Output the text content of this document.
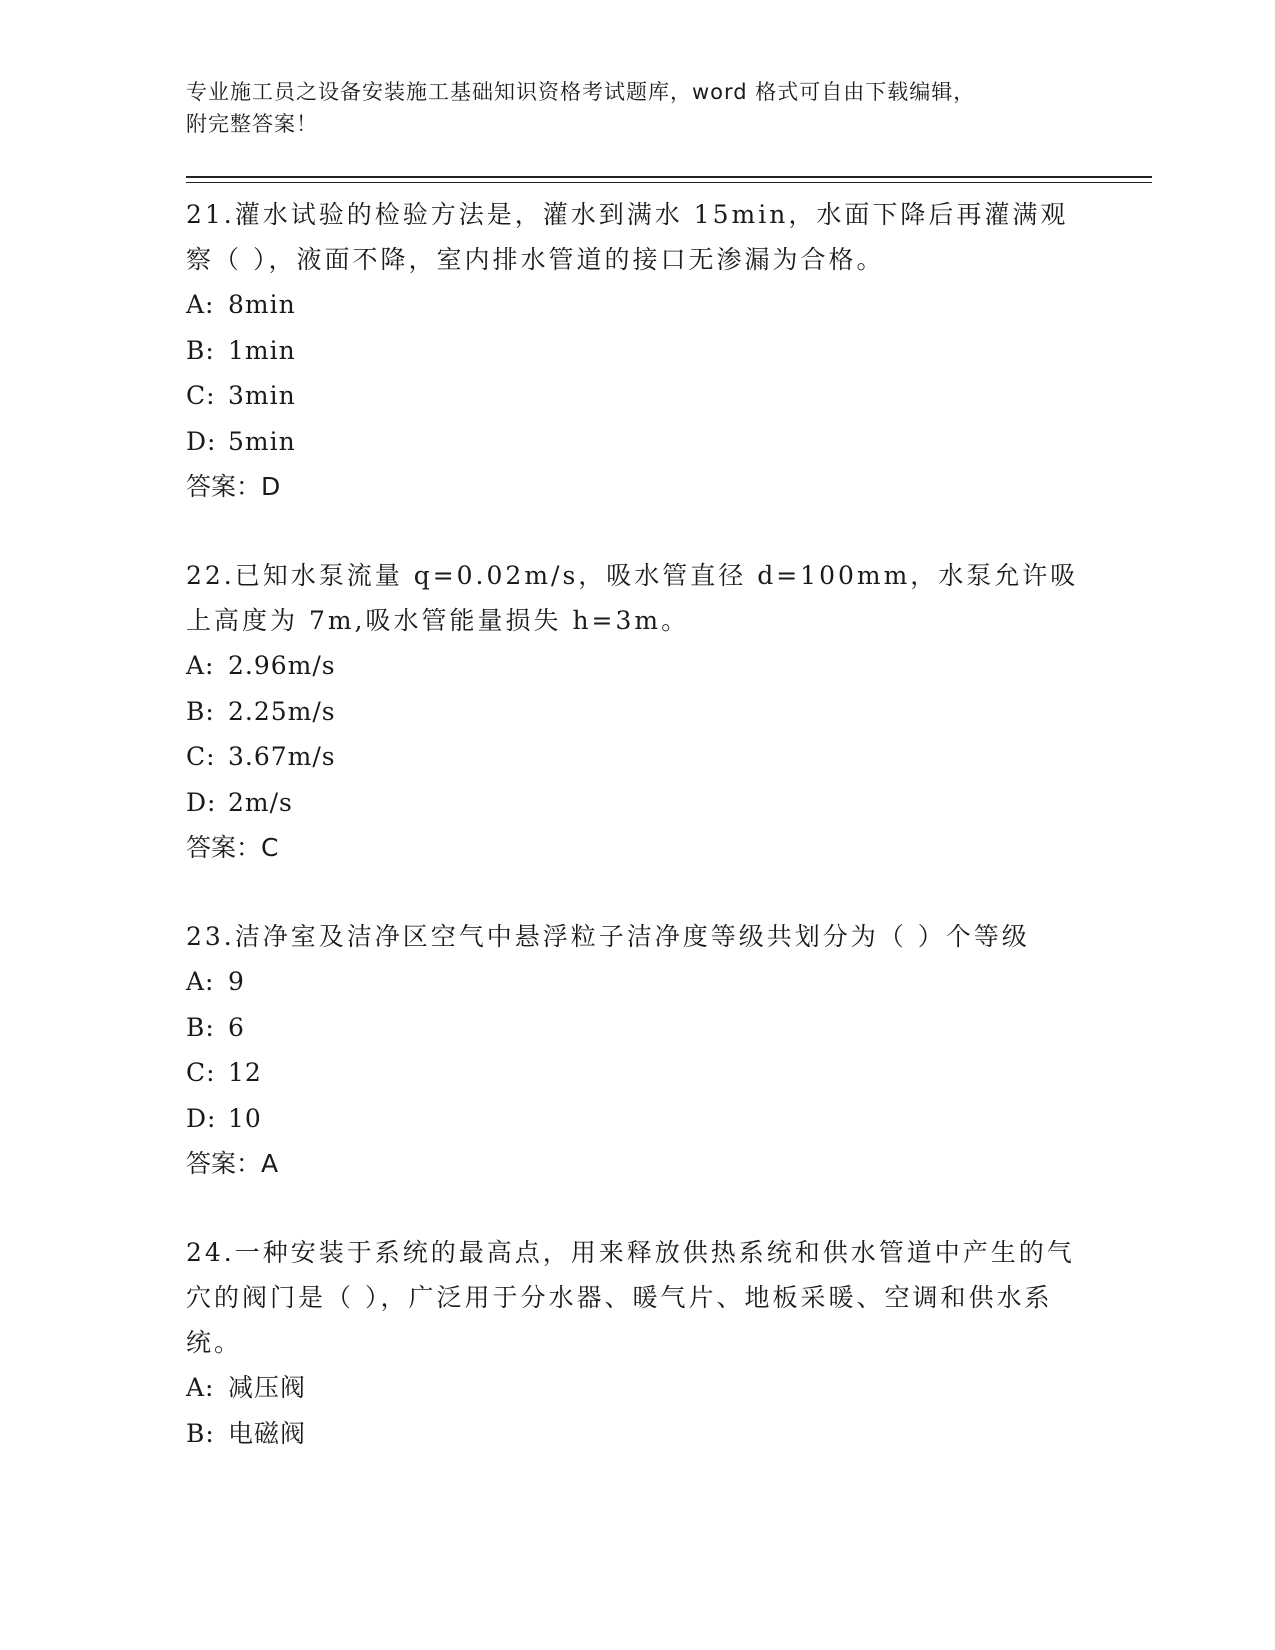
专业施工员之设备安装施工基础知识资格考试题库，word 格式可自由下载编辑，
附完整答案！
21.灌水试验的检验方法是，灌水到满水 15min，水面下降后再灌满观察（ ），液面不降，室内排水管道的接口无渗漏为合格。
A: 8min
B: 1min
C: 3min
D: 5min
答案：D
22.已知水泵流量 q=0.02m/s，吸水管直径 d=100mm，水泵允许吸上高度为 7m,吸水管能量损失 h=3m。
A: 2.96m/s
B: 2.25m/s
C: 3.67m/s
D: 2m/s
答案：C
23.洁净室及洁净区空气中悬浮粒子洁净度等级共划分为（ ）个等级
A: 9
B: 6
C: 12
D: 10
答案：A
24.一种安装于系统的最高点，用来释放供热系统和供水管道中产生的气穴的阀门是（ ），广泛用于分水器、暖气片、地板采暖、空调和供水系统。
A: 减压阀
B: 电磁阀
